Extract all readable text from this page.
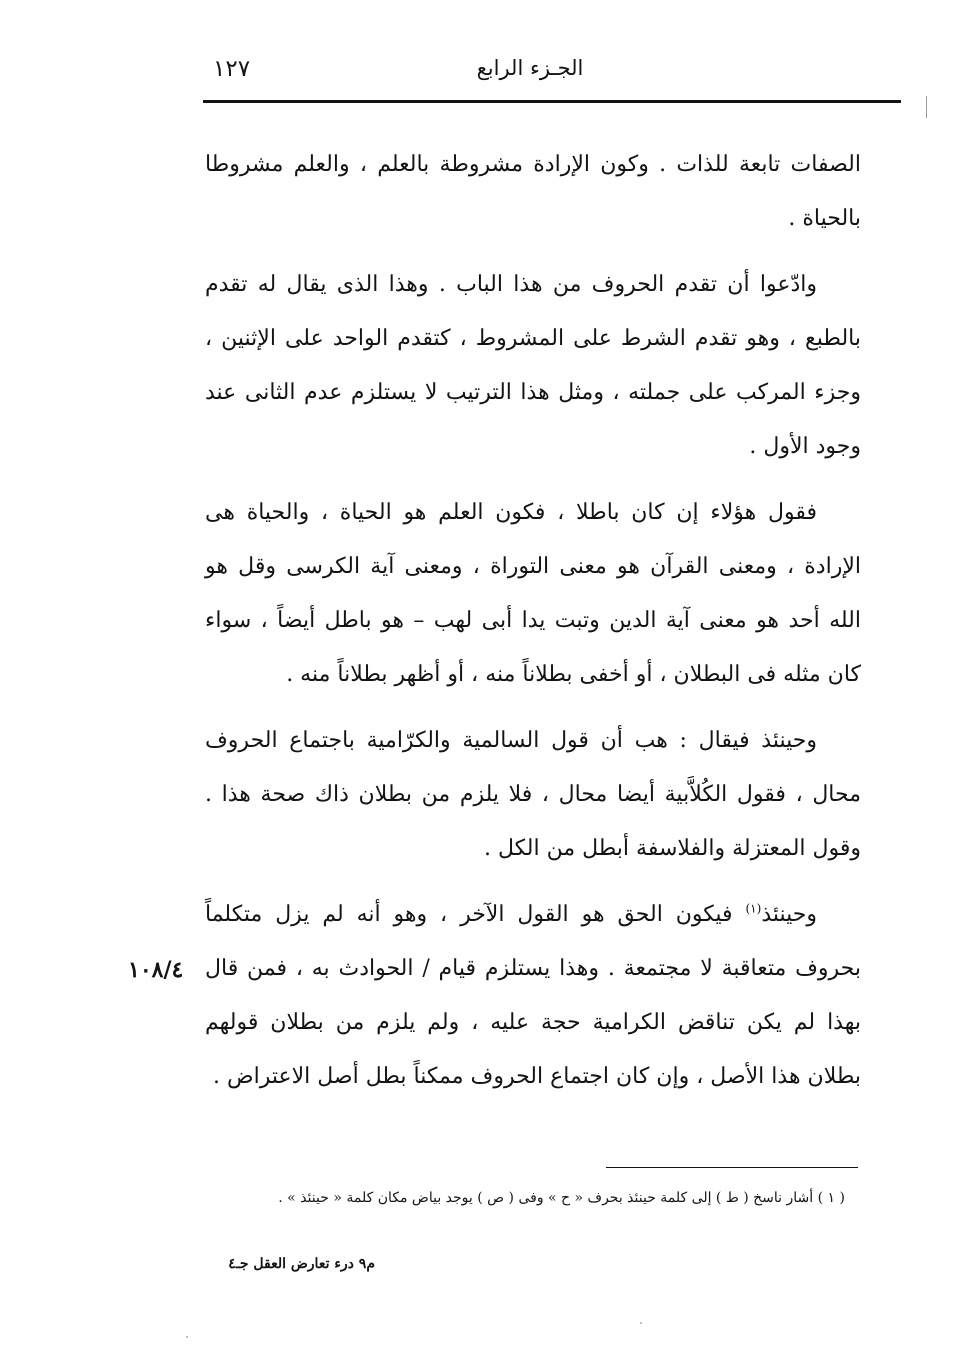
١٢٧	الجـزء الرابع

الصفات تابعة للذات . وكون الإرادة مشروطة بالعلم ، والعلم مشروطا بالحياة .

وادّعوا أن تقدم الحروف من هذا الباب . وهذا الذى يقال له تقدم بالطبع ، وهو تقدم الشرط على المشروط ، كتقدم الواحد على الإثنين ، وجزء المركب على جملته ، ومثل هذا الترتيب لا يستلزم عدم الثانى عند وجود الأول .

فقول هؤلاء إن كان باطلا ، فكون العلم هو الحياة ، والحياة هى الإرادة ، ومعنى القرآن هو معنى التوراة ، ومعنى آية الكرسى وقل هو الله أحد هو معنى آية الدين وتبت يدا أبى لهب – هو باطل أيضاً ، سواء كان مثله فى البطلان ، أو أخفى بطلاناً منه ، أو أظهر بطلاناً منه .

وحينئذ فيقال : هب أن قول السالمية والكرّامية باجتماع الحروف محال ، فقول الكُلاَّبية أيضا محال ، فلا يلزم من بطلان ذاك صحة هذا . وقول المعتزلة والفلاسفة أبطل من الكل .

وحينئذ$^{(١)}$ فيكون الحق هو القول الآخر ، وهو أنه لم يزل متكلماً بحروف متعاقبة لا مجتمعة . وهذا يستلزم قيام / الحوادث به ، فمن قال بهذا لم يكن تناقض الكرامية حجة عليه ، ولم يلزم من بطلان قولهم بطلان هذا الأصل ، وإن كان اجتماع الحروف ممكناً بطل أصل الاعتراض .

١٠٨/٤
( ١ ) أشار ناسخ ( ط ) إلى كلمة حينئذ بحرف « ح » وفى ( ص ) يوجد بياض مكان كلمة « حينئذ » .
م٩ درء تعارض العقل جـ٤
